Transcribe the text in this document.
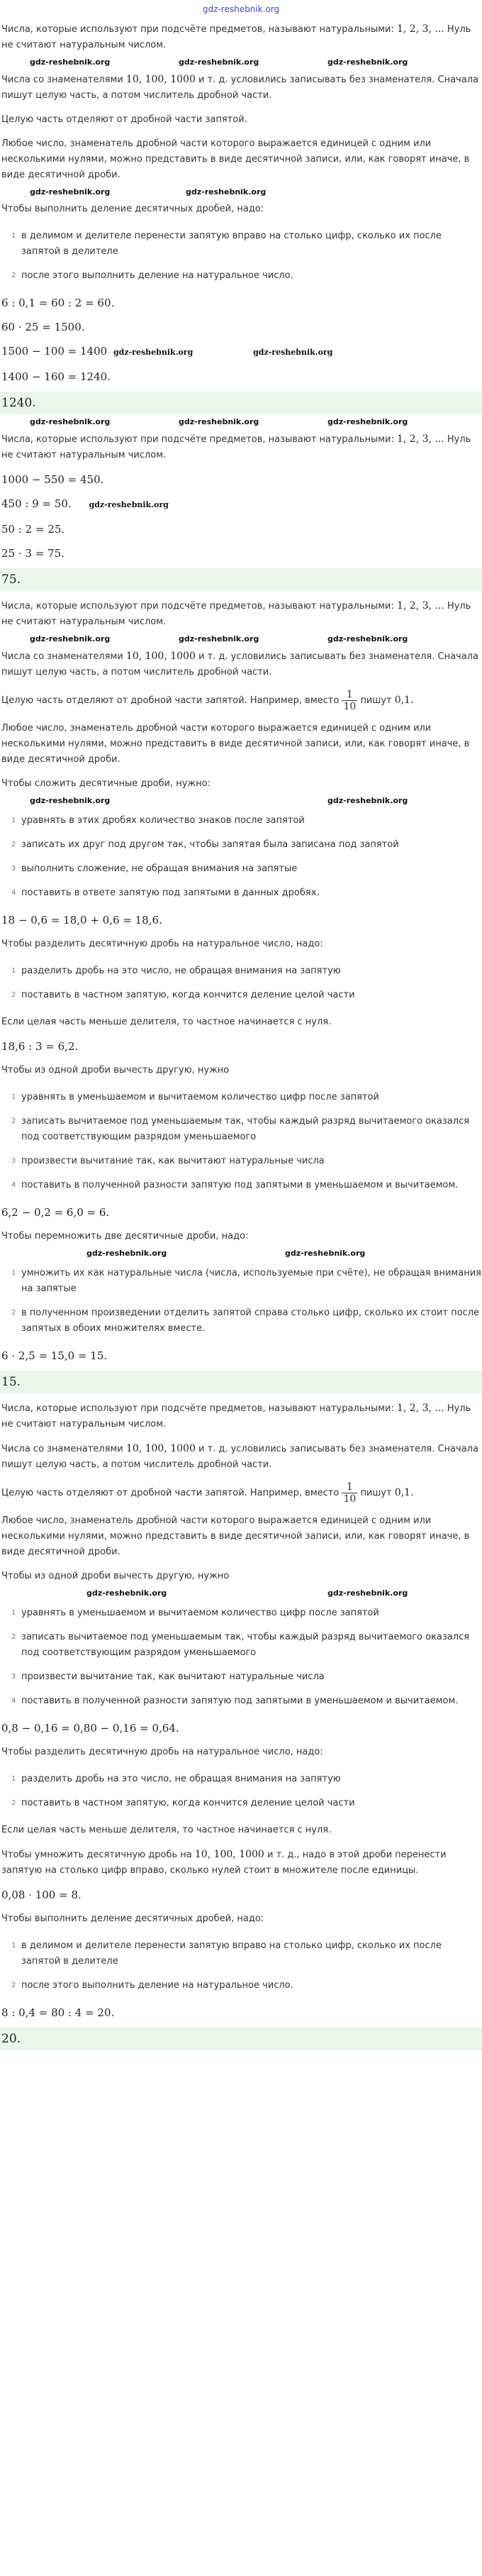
gdz-reshebnik.org

Числа, которые используют при подсчёте предметов, называют натуральными: 1, 2, 3, ... Нуль не считают натуральным числом.

gdz-reshebnik.org	gdz-reshebnik.org	gdz-reshebnik.org

Числа со знаменателями 10, 100, 1000 и т. д. условились записывать без знаменателя. Сначала пишут целую часть, а потом числитель дробной части.

Целую часть отделяют от дробной части запятой.

Любое число, знаменатель дробной части которого выражается единицей с одним или несколькими нулями, можно представить в виде десятичной записи, или, как говорят иначе, в виде десятичной дроби.

gdz-reshebnik.org	gdz-reshebnik.org

Чтобы выполнить деление десятичных дробей, надо:

1 в делимом и делителе перенести запятую вправо на столько цифр, сколько их после запятой в делителе
2 после этого выполнить деление на натуральное число.
6 : 0,1 = 60 : 2 = 60.
60 · 25 = 1500.
1500 − 100 = 1400 gdz-reshebnik.org	gdz-reshebnik.org
1400 − 160 = 1240.
1240.
gdz-reshebnik.org	gdz-reshebnik.org	gdz-reshebnik.org

Числа, которые используют при подсчёте предметов, называют натуральными: 1, 2, 3, ... Нуль не считают натуральным числом.

1000 − 550 = 450.
450 : 9 = 50. gdz-reshebnik.org
50 : 2 = 25.
25 · 3 = 75.
75.

Числа, которые используют при подсчёте предметов, называют натуральными: 1, 2, 3, ... Нуль не считают натуральным числом.

gdz-reshebnik.org	gdz-reshebnik.org	gdz-reshebnik.org

Числа со знаменателями 10, 100, 1000 и т. д. условились записывать без знаменателя. Сначала пишут целую часть, а потом числитель дробной части.

Целую часть отделяют от дробной части запятой. Например, вместо $\frac{1}{10}$ пишут 0,1.

Любое число, знаменатель дробной части которого выражается единицей с одним или несколькими нулями, можно представить в виде десятичной записи, или, как говорят иначе, в виде десятичной дроби.

Чтобы сложить десятичные дроби, нужно:

gdz-reshebnik.org	gdz-reshebnik.org
1 уравнять в этих дробях количество знаков после запятой
2 записать их друг под другом так, чтобы запятая была записана под запятой
3 выполнить сложение, не обращая внимания на запятые
4 поставить в ответе запятую под запятыми в данных дробях.
18 − 0,6 = 18,0 + 0,6 = 18,6.

Чтобы разделить десятичную дробь на натуральное число, надо:

1 разделить дробь на это число, не обращая внимания на запятую
2 поставить в частном запятую, когда кончится деление целой части

Если целая часть меньше делителя, то частное начинается с нуля.

18,6 : 3 = 6,2.

Чтобы из одной дроби вычесть другую, нужно

1 уравнять в уменьшаемом и вычитаемом количество цифр после запятой
2 записать вычитаемое под уменьшаемым так, чтобы каждый разряд вычитаемого оказался под соответствующим разрядом уменьшаемого
3 произвести вычитание так, как вычитают натуральные числа
4 поставить в полученной разности запятую под запятыми в уменьшаемом и вычитаемом.
6,2 − 0,2 = 6,0 = 6.

Чтобы перемножить две десятичные дроби, надо:

gdz-reshebnik.org	gdz-reshebnik.org
1 умножить их как натуральные числа (числа, используемые при счёте), не обращая внимания на запятые
2 в полученном произведении отделить запятой справа столько цифр, сколько их стоит после запятых в обоих множителях вместе.
6 · 2,5 = 15,0 = 15.
15.

Числа, которые используют при подсчёте предметов, называют натуральными: 1, 2, 3, ... Нуль не считают натуральным числом.

Числа со знаменателями 10, 100, 1000 и т. д. условились записывать без знаменателя. Сначала пишут целую часть, а потом числитель дробной части.

Целую часть отделяют от дробной части запятой. Например, вместо $\frac{1}{10}$ пишут 0,1.

Любое число, знаменатель дробной части которого выражается единицей с одним или несколькими нулями, можно представить в виде десятичной записи, или, как говорят иначе, в виде десятичной дроби.

Чтобы из одной дроби вычесть другую, нужно

gdz-reshebnik.org	gdz-reshebnik.org
1 уравнять в уменьшаемом и вычитаемом количество цифр после запятой
2 записать вычитаемое под уменьшаемым так, чтобы каждый разряд вычитаемого оказался под соответствующим разрядом уменьшаемого
3 произвести вычитание так, как вычитают натуральные числа
4 поставить в полученной разности запятую под запятыми в уменьшаемом и вычитаемом.
0,8 − 0,16 = 0,80 − 0,16 = 0,64.

Чтобы разделить десятичную дробь на натуральное число, надо:

1 разделить дробь на это число, не обращая внимания на запятую
2 поставить в частном запятую, когда кончится деление целой части

Если целая часть меньше делителя, то частное начинается с нуля.

Чтобы умножить десятичную дробь на 10, 100, 1000 и т. д., надо в этой дроби перенести запятую на столько цифр вправо, сколько нулей стоит в множителе после единицы.

0,08 · 100 = 8.

Чтобы выполнить деление десятичных дробей, надо:

1 в делимом и делителе перенести запятую вправо на столько цифр, сколько их после запятой в делителе
2 после этого выполнить деление на натуральное число.
8 : 0,4 = 80 : 4 = 20.
20.
